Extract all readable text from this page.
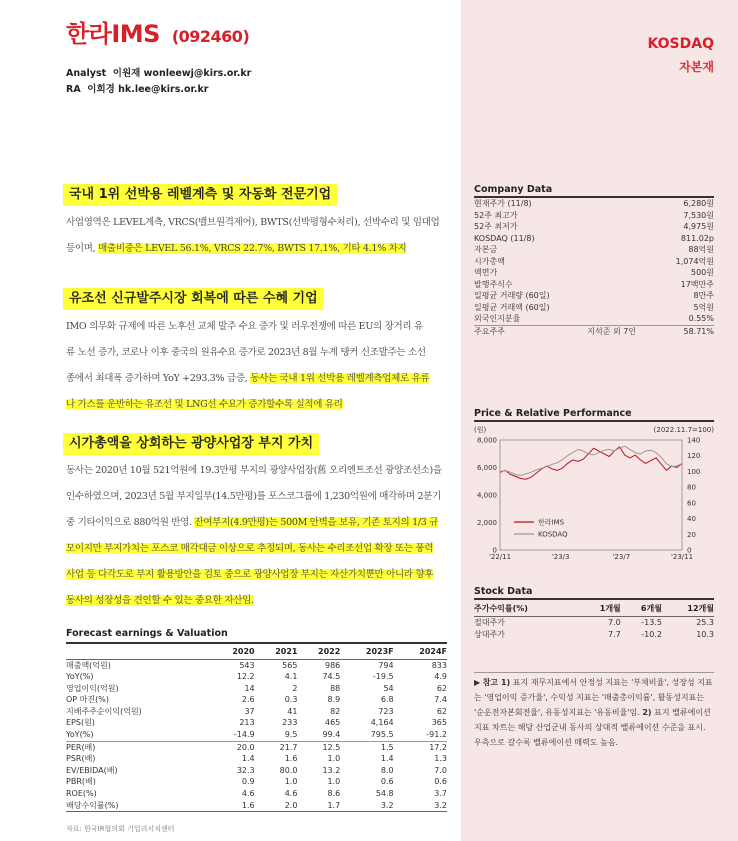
한라IMS (092460)	KOSDAQ
자본재
Analyst 이원재 wonleewj@kirs.or.kr
RA 이희경 hk.lee@kirs.or.kr
국내 1위 선박용 레벨계측 및 자동화 전문기업
사업영역은 LEVEL계측, VRCS(밸브원격제어), BWTS(선박평형수처리), 선박수리 및 임대업
등이며, 매출비중은 LEVEL 56.1%, VRCS 22.7%, BWTS 17.1%, 기타 4.1% 차지
유조선 신규발주시장 회복에 따른 수혜 기업
IMO 의무화 규제에 따른 노후선 교체 발주 수요 증가 및 러우전쟁에 따른 EU의 장거리 유
류 노선 증가, 코로나 이후 중국의 원유수요 증가로 2023년 8월 누계 탱커 신조발주는 소선
종에서 최대폭 증가하며 YoY +293.3% 급증, 동사는 국내 1위 선박용 레벨계측업체로 유류
나 가스를 운반하는 유조선 및 LNG선 수요가 증가할수록 실적에 유리
시가총액을 상회하는 광양사업장 부지 가치
동사는 2020년 10월 521억원에 19.3만평 부지의 광양사업장(舊 오리엔트조선 광양조선소)을
인수하였으며, 2023년 5월 부지일부(14.5만평)를 포스코그룹에 1,230억원에 매각하며 2분기
중 기타이익으로 880억원 반영. 잔여부지(4.9만평)는 500M 안벽을 보유, 기존 토지의 1/3 규
모이지만 부지가치는 포스코 매각대금 이상으로 추정되며, 동사는 수리조선업 확장 또는 풍력
사업 등 다각도로 부지 활용방안을 검토 중으로 광양사업장 부지는 자산가치뿐만 아니라 향후
동사의 성장성을 견인할 수 있는 중요한 자산임.
Company Data
현재주가 (11/8)		6,280원
52주 최고가		7,530원
52주 최저가		4,975원
KOSDAQ (11/8)		811.02p
자본금		88억원
시가총액		1,074억원
액면가		500원
발행주식수		17백만주
일평균 거래량 (60일)		8만주
일평균 거래액 (60일)		5억원
외국인지분율		0.55%
주요주주	지석준 외 7인	58.71%
Price & Relative Performance
(원)	(2022.11.7=100)
8,000
6,000
4,000
2,000
0
140
120
100
80
60
40
20
0
'22/11	'23/3	'23/7	'23/11
한라IMS
KOSDAQ
Stock Data
주가수익률(%)	1개월	6개월	12개월
절대주가	7.0	-13.5	25.3
상대주가	7.7	-10.2	10.3
▶ 참고 1) 표지 재무지표에서 안정성 지표는 '부채비율', 성장성 지표는 '영업이익 증가율', 수익성 지표는 '매출총이익률', 활동성지표는 '순운전자본회전율', 유동성지표는 '유동비율'임. 2) 표지 밸류에이션 지표 차트는 해당 산업군내 동사의 상대적 밸류에이션 수준을 표시. 우측으로 갈수록 밸류에이션 매력도 높음.
Forecast earnings & Valuation
	2020	2021	2022	2023F	2024F
매출액(억원)	543	565	986	794	833
YoY(%)	12.2	4.1	74.5	-19.5	4.9
영업이익(억원)	14	2	88	54	62
OP 마진(%)	2.6	0.3	8.9	6.8	7.4
지배주주순이익(억원)	37	41	82	723	62
EPS(원)	213	233	465	4,164	365
YoY(%)	-14.9	9.5	99.4	795.5	-91.2
PER(배)	20.0	21.7	12.5	1.5	17.2
PSR(배)	1.4	1.6	1.0	1.4	1.3
EV/EBIDA(배)	32.3	80.0	13.2	8.0	7.0
PBR(배)	0.9	1.0	1.0	0.6	0.6
ROE(%)	4.6	4.6	8.6	54.8	3.7
배당수익률(%)	1.6	2.0	1.7	3.2	3.2
자료: 한국IR협의회 기업리서치센터
